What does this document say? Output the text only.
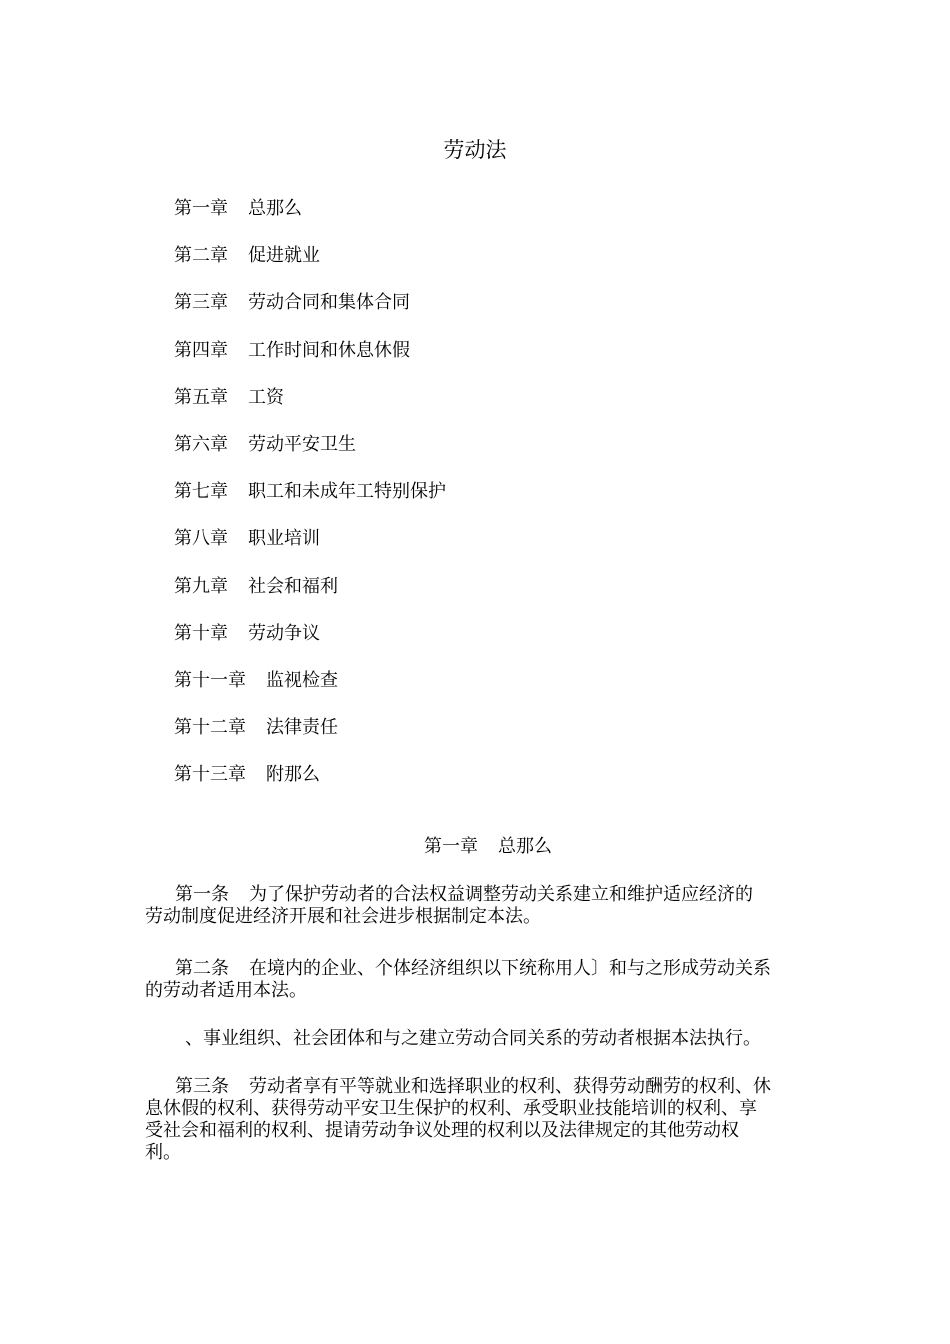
劳动法
第一章 总那么
第二章 促进就业
第三章 劳动合同和集体合同
第四章 工作时间和休息休假
第五章 工资
第六章 劳动平安卫生
第七章 职工和未成年工特别保护
第八章 职业培训
第九章 社会和福利
第十章 劳动争议
第十一章 监视检查
第十二章 法律责任
第十三章 附那么
第一章 总那么
第一条 为了保护劳动者的合法权益调整劳动关系建立和维护适应经济的
劳动制度促进经济开展和社会进步根据制定本法。
第二条 在境内的企业、个体经济组织以下统称用人〕和与之形成劳动关系
的劳动者适用本法。
、事业组织、社会团体和与之建立劳动合同关系的劳动者根据本法执行。
第三条 劳动者享有平等就业和选择职业的权利、获得劳动酬劳的权利、休
息休假的权利、获得劳动平安卫生保护的权利、承受职业技能培训的权利、享
受社会和福利的权利、提请劳动争议处理的权利以及法律规定的其他劳动权
利。
